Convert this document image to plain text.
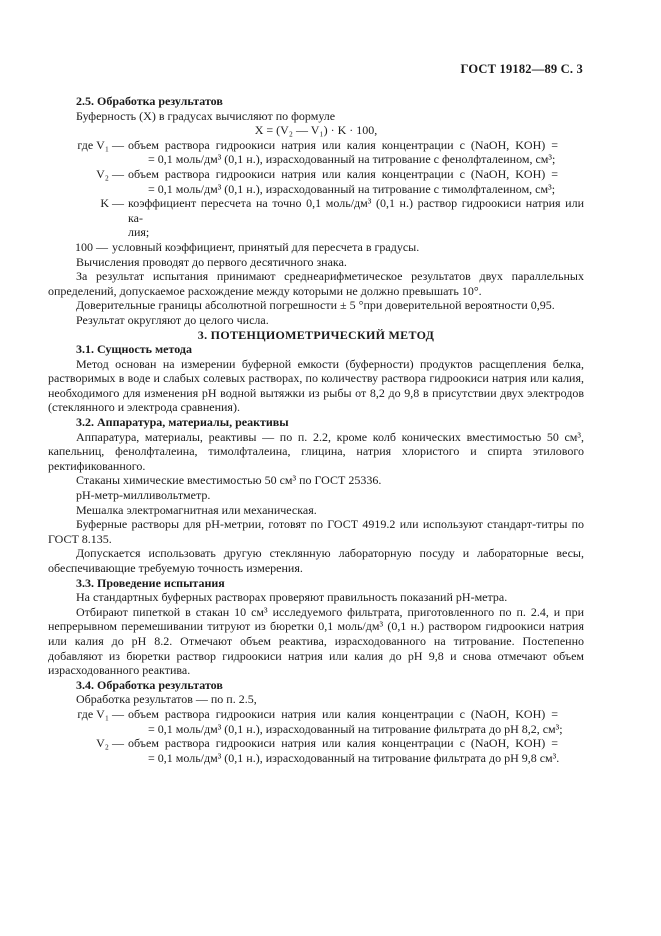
ГОСТ 19182—89 С. 3

2.5. Обработка результатов

Буферность (X) в градусах вычисляют по формуле

X = (V₂ — V₁) · K · 100,

где V₁ — объем раствора гидроокиси натрия или калия концентрации c (NaOH, KOH) =
= 0,1 моль/дм³ (0,1 н.), израсходованный на титрование с фенолфталеином, см³;
V₂ — объем раствора гидроокиси натрия или калия концентрации c (NaOH, KOH) =
= 0,1 моль/дм³ (0,1 н.), израсходованный на титрование с тимолфталеином, см³;
K — коэффициент пересчета на точно 0,1 моль/дм³ (0,1 н.) раствор гидроокиси натрия или ка-
лия;
100 — условный коэффициент, принятый для пересчета в градусы.

Вычисления проводят до первого десятичного знака.

За результат испытания принимают среднеарифметическое результатов двух параллельных определений, допускаемое расхождение между которыми не должно превышать 10°.

Доверительные границы абсолютной погрешности ± 5 °при доверительной вероятности 0,95.

Результат округляют до целого числа.

3. ПОТЕНЦИОМЕТРИЧЕСКИЙ МЕТОД

3.1. Сущность метода

Метод основан на измерении буферной емкости (буферности) продуктов расщепления белка, растворимых в воде и слабых солевых растворах, по количеству раствора гидроокиси натрия или калия, необходимого для изменения pH водной вытяжки из рыбы от 8,2 до 9,8 в присутствии двух электродов (стеклянного и электрода сравнения).

3.2. Аппаратура, материалы, реактивы

Аппаратура, материалы, реактивы — по п. 2.2, кроме колб конических вместимостью 50 см³, капельниц, фенолфталеина, тимолфталеина, глицина, натрия хлористого и спирта этилового ректификованного.

Стаканы химические вместимостью 50 см³ по ГОСТ 25336.

pH-метр-милливольтметр.

Мешалка электромагнитная или механическая.

Буферные растворы для pH-метрии, готовят по ГОСТ 4919.2 или используют стандарт-титры по ГОСТ 8.135.

Допускается использовать другую стеклянную лабораторную посуду и лабораторные весы, обеспечивающие требуемую точность измерения.

3.3. Проведение испытания

На стандартных буферных растворах проверяют правильность показаний pH-метра.

Отбирают пипеткой в стакан 10 см³ исследуемого фильтрата, приготовленного по п. 2.4, и при непрерывном перемешивании титруют из бюретки 0,1 моль/дм³ (0,1 н.) раствором гидроокиси натрия или калия до pH 8.2. Отмечают объем реактива, израсходованного на титрование. Постепенно добавляют из бюретки раствор гидроокиси натрия или калия до pH 9,8 и снова отмечают объем израсходованного реактива.

3.4. Обработка результатов

Обработка результатов — по п. 2.5,

где V₁ — объем раствора гидроокиси натрия или калия концентрации c (NaOH, KOH) =
= 0,1 моль/дм³ (0,1 н.), израсходованный на титрование фильтрата до pH 8,2, см³;
V₂ — объем раствора гидроокиси натрия или калия концентрации c (NaOH, KOH) =
= 0,1 моль/дм³ (0,1 н.), израсходованный на титрование фильтрата до pH 9,8 см³.
